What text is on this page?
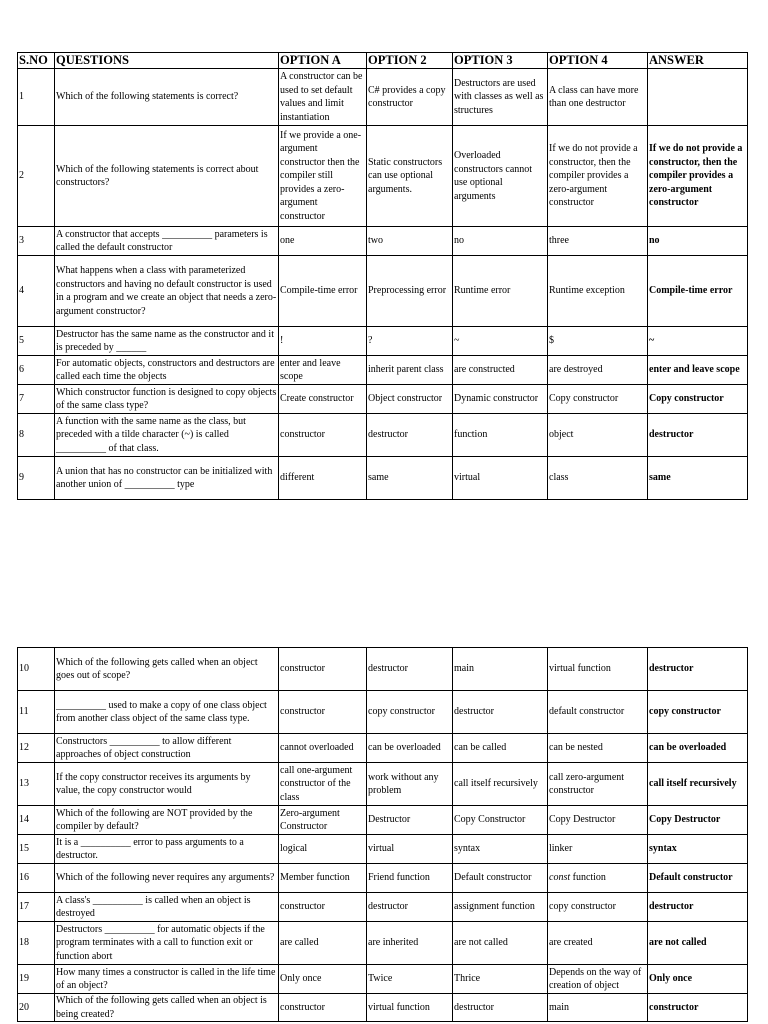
S.NO	QUESTIONS	OPTION A	OPTION 2	OPTION 3	OPTION 4	ANSWER
1	Which of the following statements is correct?	A constructor can be used to set default values and limit instantiation	C# provides a copy constructor	Destructors are used with classes as well as structures	A class can have more than one destructor	
2	Which of the following statements is correct about constructors?	If we provide a one-argument constructor then the compiler still provides a zero-argument constructor	Static constructors can use optional arguments.	Overloaded constructors cannot use optional arguments	If we do not provide a constructor, then the compiler provides a zero-argument constructor	If we do not provide a constructor, then the compiler provides a zero-argument constructor
3	A constructor that accepts __________ parameters is called the default constructor	one	two	no	three	no
4	What happens when a class with parameterized constructors and having no default constructor is used in a program and we create an object that needs a zero-argument constructor?	Compile-time error	Preprocessing error	Runtime error	Runtime exception	Compile-time error
5	Destructor has the same name as the constructor and it is preceded by ______	!	?	~	$	~
6	For automatic objects, constructors and destructors are called each time the objects	enter and leave scope	inherit parent class	are constructed	are destroyed	enter and leave scope
7	Which constructor function is designed to copy objects of the same class type?	Create constructor	Object constructor	Dynamic constructor	Copy constructor	Copy constructor
8	A function with the same name as the class, but preceded with a tilde character (~) is called __________ of that class.	constructor	destructor	function	object	destructor
9	A union that has no constructor can be initialized with another union of __________ type	different	same	virtual	class	same
10	Which of the following gets called when an object goes out of scope?	constructor	destructor	main	virtual function	destructor
11	__________ used to make a copy of one class object from another class object of the same class type.	constructor	copy constructor	destructor	default constructor	copy constructor
12	Constructors __________ to allow different approaches of object construction	cannot overloaded	can be overloaded	can be called	can be nested	can be overloaded
13	If the copy constructor receives its arguments by value, the copy constructor would	call one-argument constructor of the class	work without any problem	call itself recursively	call zero-argument constructor	call itself recursively
14	Which of the following are NOT provided by the compiler by default?	Zero-argument Constructor	Destructor	Copy Constructor	Copy Destructor	Copy Destructor
15	It is a __________ error to pass arguments to a destructor.	logical	virtual	syntax	linker	syntax
16	Which of the following never requires any arguments?	Member function	Friend function	Default constructor	const function	Default constructor
17	A class's __________ is called when an object is destroyed	constructor	destructor	assignment function	copy constructor	destructor
18	Destructors __________ for automatic objects if the program terminates with a call to function exit or function abort	are called	are inherited	are not called	are created	are not called
19	How many times a constructor is called in the life time of an object?	Only once	Twice	Thrice	Depends on the way of creation of object	Only once
20	Which of the following gets called when an object is being created?	constructor	virtual function	destructor	main	constructor
